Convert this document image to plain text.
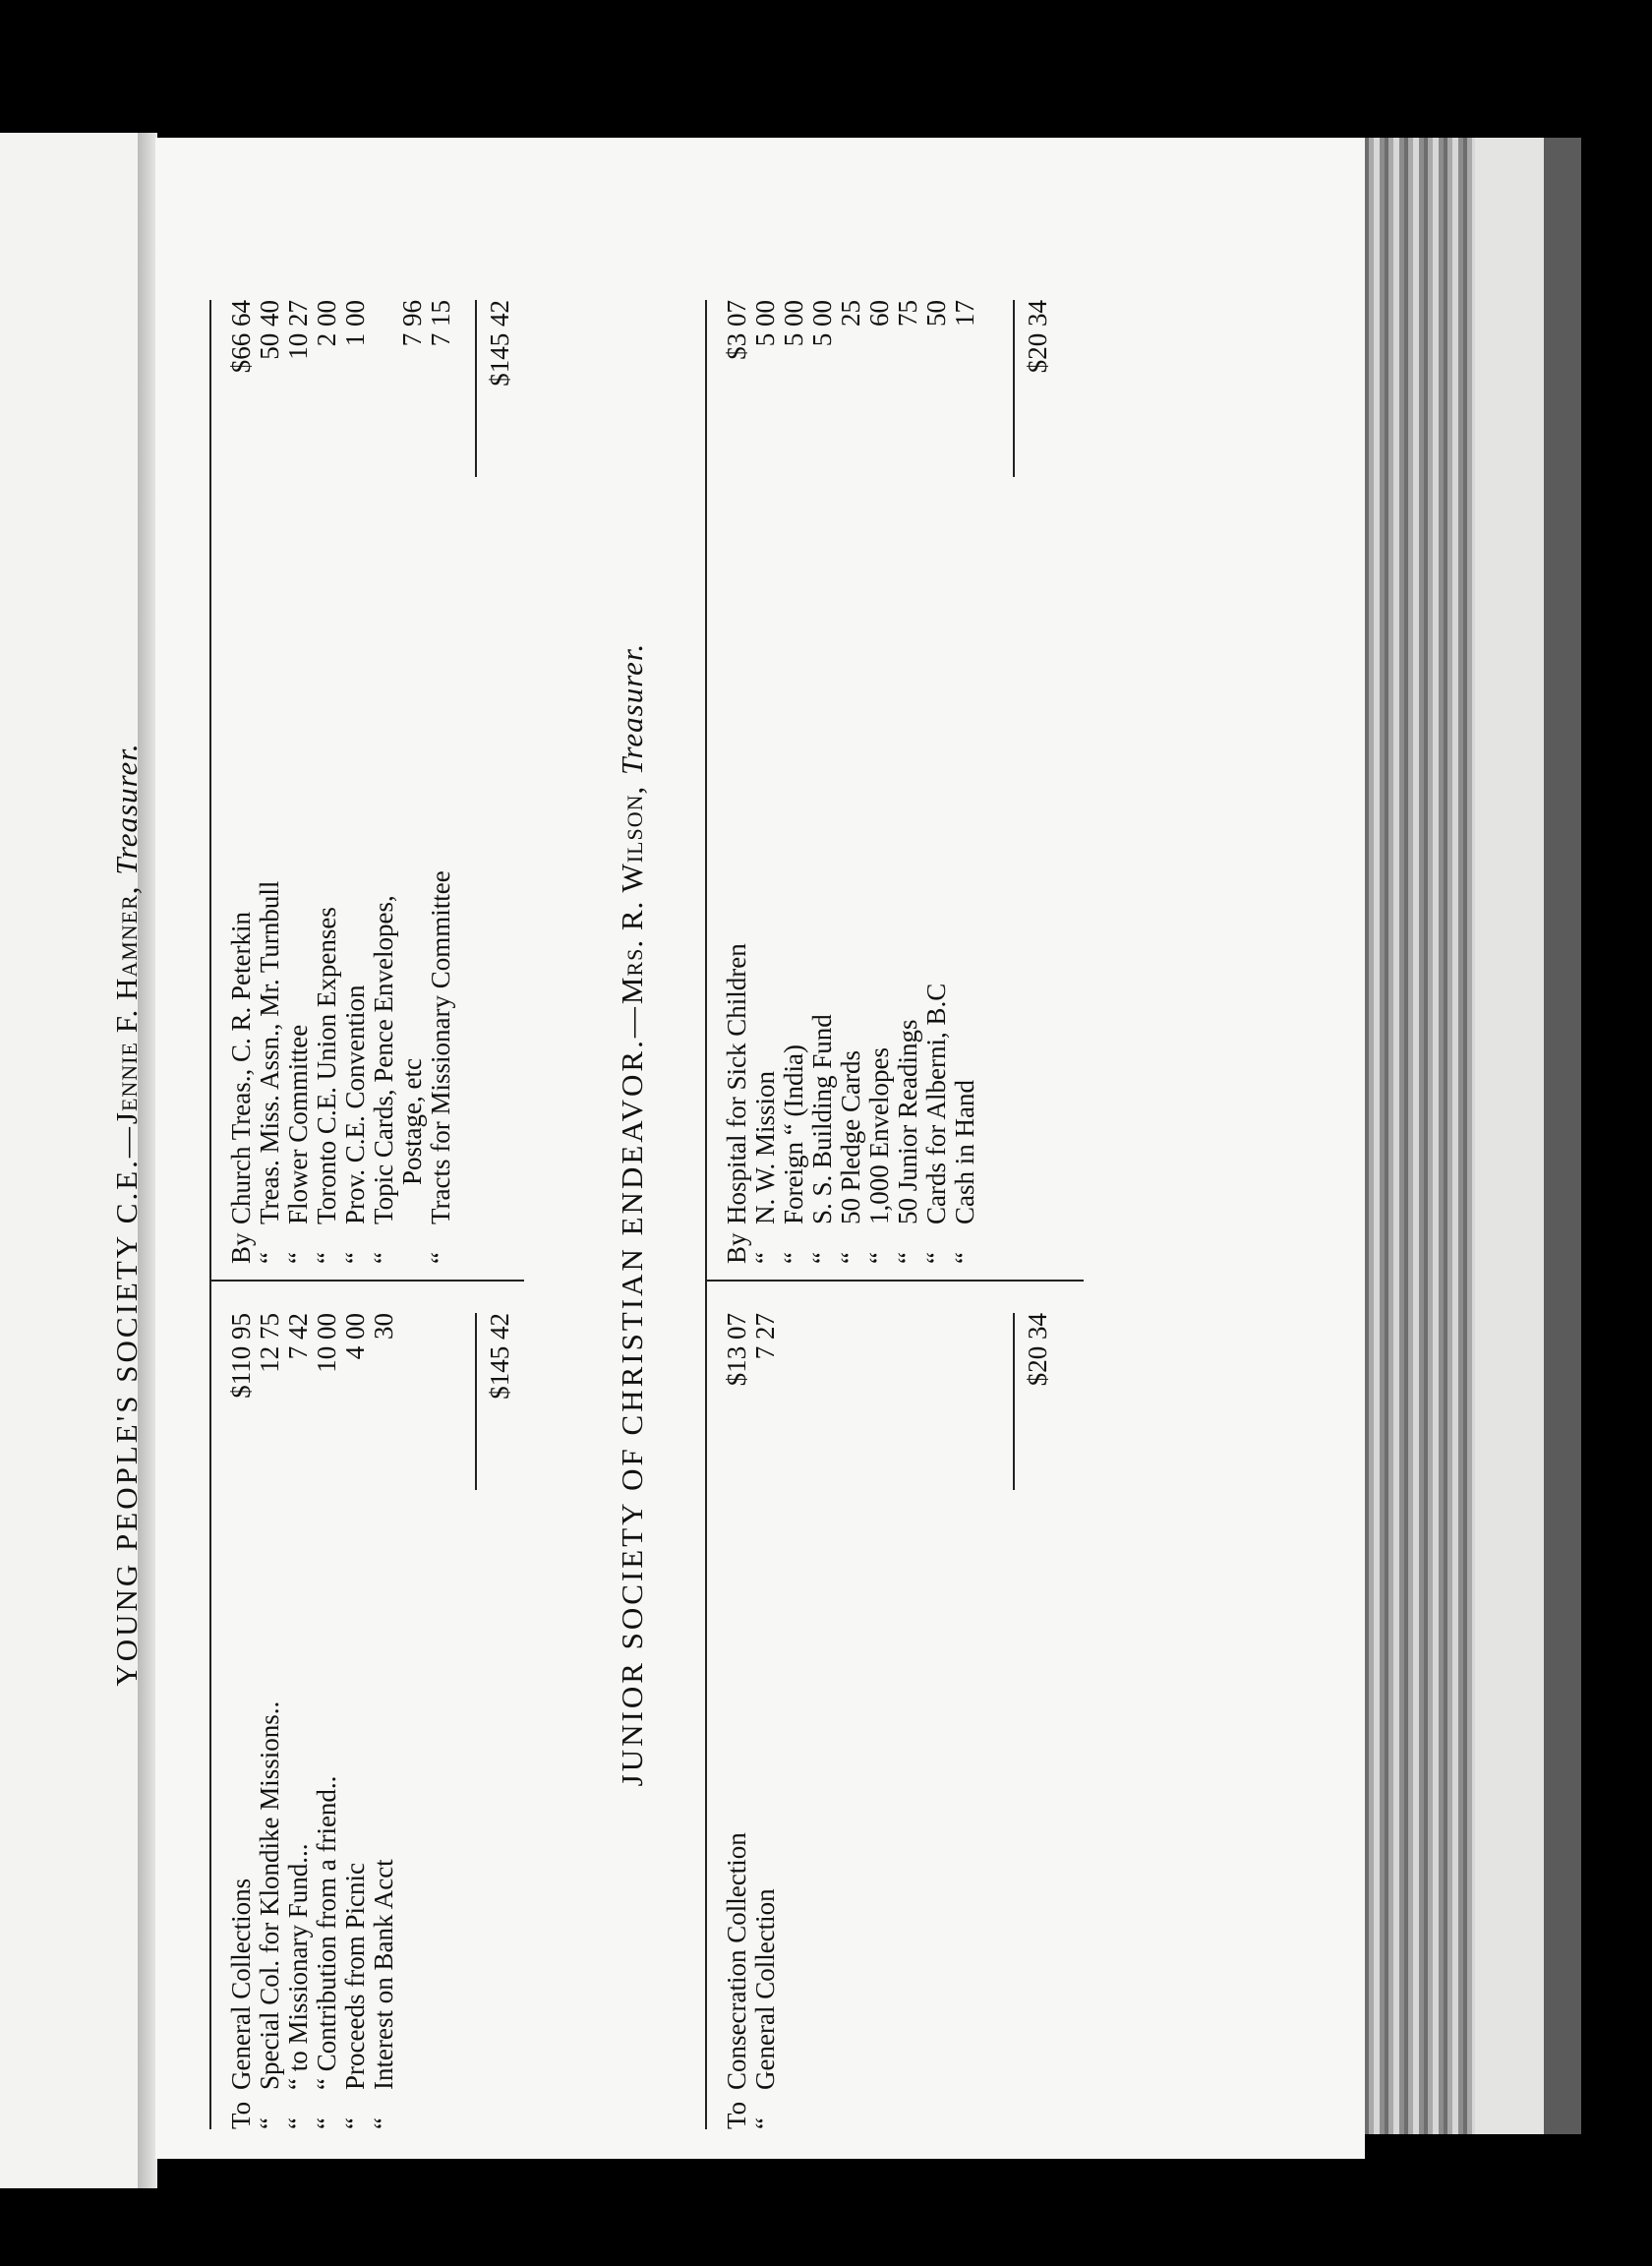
YOUNG PEOPLE'S SOCIETY C.E.—Jennie F. Hamner, Treasurer.
ToGeneral Collections
$110 95
“Special Col. for Klondike Missions..
12 75
““ to Missionary Fund...
7 42
““ Contribution from a friend..
10 00
“Proceeds from Picnic
4 00
“Interest on Bank Acct
30	$145 42
ByChurch Treas., C. R. Peterkin
$66 64
“Treas. Miss. Assn., Mr. Turnbull
50 40
“Flower Committee
10 27
“Toronto C.E. Union Expenses
2 00
“Prov. C.E. Convention
1 00
“Topic Cards, Pence Envelopes, Postage, etc
7 96
“Tracts for Missionary Committee
7 15 $145 42
JUNIOR SOCIETY OF CHRISTIAN ENDEAVOR.—Mrs. R. Wilson, Treasurer.
ToConsecration Collection
$13 07
“General Collection
7 27	$20 34
ByHospital for Sick Children
$3 07
“N. W. Mission
5 00
“Foreign “ (India)
5 00
“S. S. Building Fund
5 00
“50 Pledge Cards
25
“1,000 Envelopes
60
“50 Junior Readings
75
“Cards for Alberni, B.C
50
“Cash in Hand
17 $20 34
